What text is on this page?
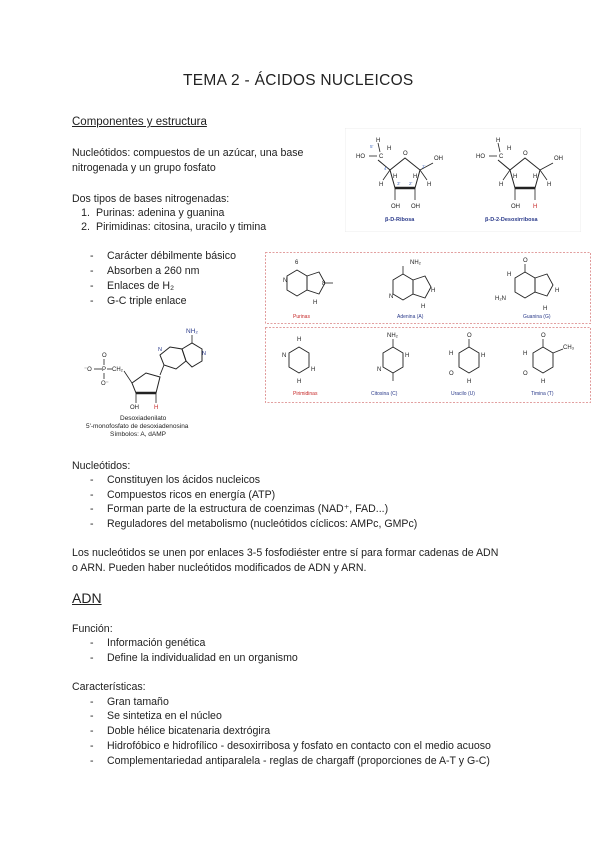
TEMA 2 - ÁCIDOS NUCLEICOS
Componentes y estructura
Nucleótidos: compuestos de un azúcar, una base
nitrogenada y un grupo fosfato
Dos tipos de bases nitrogenadas:
1. Purinas: adenina y guanina
2. Pirimidinas: citosina, uracilo y timina
-	Carácter débilmente básico
-	Absorben a 260 nm
-	Enlaces de H₂
-	G-C triple enlace
HO C
H
H
O
OH
H
H
OH OH
H	H
5'
4'	1'
3' 2'
β-D-Ribosa
HO C
H
H
O
OH
H
H
OH H
H	H
β-D-2-Desoxirribosa
6
N	8
H
Purinas
NH₂
N
H
H
Adenina (A)
O
H
H₂N
H
H
Guanina (G)
H
N
H
H
Pirimidinas
NH₂
H
N
Citosina (C)
O
H	H
O
H
Uracilo (U)
O
CH₃
H
O
H
Timina (T)
NH₂
N
N
OH	H
CH₂
⁻O P
O
O⁻
Desoxiadenilato
5'-monofosfato de desoxiadenosina
Símbolos: A, dAMP
Nucleótidos:
-	Constituyen los ácidos nucleicos
-	Compuestos ricos en energía (ATP)
-	Forman parte de la estructura de coenzimas (NAD⁺, FAD...)
-	Reguladores del metabolismo (nucleótidos cíclicos: AMPc, GMPc)
Los nucleótidos se unen por enlaces 3-5 fosfodiéster entre sí para formar cadenas de ADN
o ARN. Pueden haber nucleótidos modificados de ADN y ARN.
ADN
Función:
-	Información genética
-	Define la individualidad en un organismo
Características:
-	Gran tamaño
-	Se sintetiza en el núcleo
-	Doble hélice bicatenaria dextrógira
-	Hidrofóbico e hidrofílico - desoxirribosa y fosfato en contacto con el medio acuoso
-	Complementariedad antiparalela - reglas de chargaff (proporciones de A-T y G-C)
